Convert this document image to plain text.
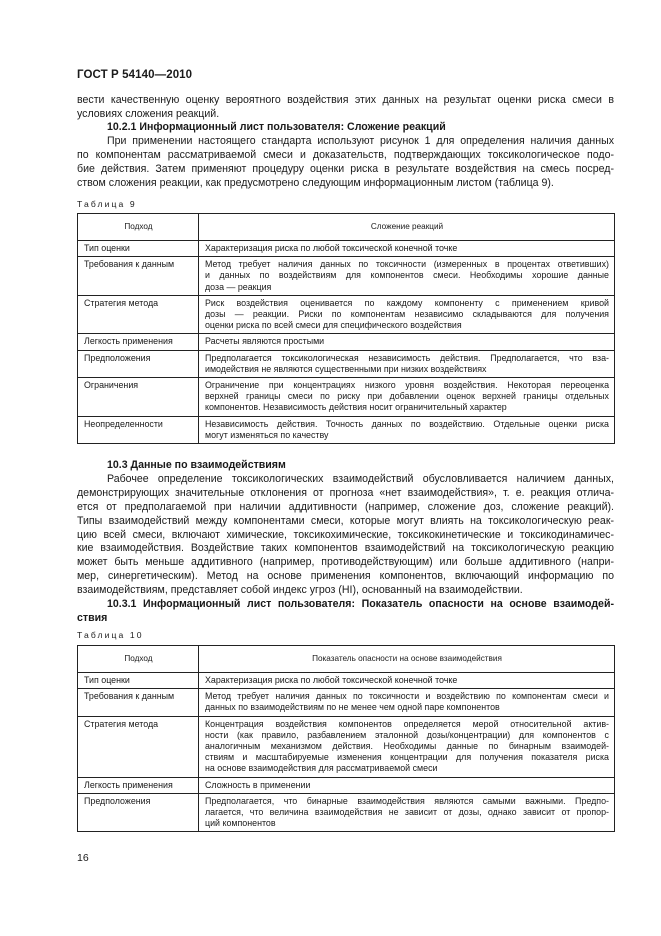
ГОСТ Р 54140—2010
вести качественную оценку вероятного воздействия этих данных на результат оценки риска смеси в
условиях сложения реакций.
10.2.1 Информационный лист пользователя: Сложение реакций
При применении настоящего стандарта используют рисунок 1 для определения наличия данных
по компонентам рассматриваемой смеси и доказательств, подтверждающих токсикологическое подо-
бие действия. Затем применяют процедуру оценки риска в результате воздействия на смесь посред-
ством сложения реакции, как предусмотрено следующим информационным листом (таблица 9).
Таблица 9
Подход	Сложение реакций
Тип оценки	Характеризация риска по любой токсической конечной точке

Требования к данным	Метод требует наличия данных по токсичности (измеренных в процентах ответивших)
и данных по воздействиям для компонентов смеси. Необходимы хорошие данные
доза — реакция

Стратегия метода	Риск воздействия оценивается по каждому компоненту с применением кривой
дозы — реакции. Риски по компонентам независимо складываются для получения
оценки риска по всей смеси для специфического воздействия

Легкость применения	Расчеты являются простыми

Предположения	Предполагается токсикологическая независимость действия. Предполагается, что вза-
имодействия не являются существенными при низких воздействиях

Ограничения	Ограничение при концентрациях низкого уровня воздействия. Некоторая переоценка
верхней границы смеси по риску при добавлении оценок верхней границы отдельных
компонентов. Независимость действия носит ограничительный характер

Неопределенности	Независимость действия. Точность данных по воздействию. Отдельные оценки риска
могут изменяться по качеству
10.3 Данные по взаимодействиям
Рабочее определение токсикологических взаимодействий обусловливается наличием данных,
демонстрирующих значительные отклонения от прогноза «нет взаимодействия», т. е. реакция отлича-
ется от предполагаемой при наличии аддитивности (например, сложение доз, сложение реакций).
Типы взаимодействий между компонентами смеси, которые могут влиять на токсикологическую реак-
цию всей смеси, включают химические, токсикохимические, токсикокинетические и токсикодинамичес-
кие взаимодействия. Воздействие таких компонентов взаимодействий на токсикологическую реакцию
может быть меньше аддитивного (например, противодействующим) или больше аддитивного (напри-
мер, синергетическим). Метод на основе применения компонентов, включающий информацию по
взаимодействиям, представляет собой индекс угроз (HI), основанный на взаимодействии.
10.3.1 Информационный лист пользователя: Показатель опасности на основе взаимодей-
ствия
Таблица 10
Подход	Показатель опасности на основе взаимодействия
Тип оценки	Характеризация риска по любой токсической конечной точке

Требования к данным	Метод требует наличия данных по токсичности и воздействию по компонентам смеси и
данных по взаимодействиям по не менее чем одной паре компонентов

Стратегия метода	Концентрация воздействия компонентов определяется мерой относительной актив-
ности (как правило, разбавлением эталонной дозы/концентрации) для компонентов с
аналогичным механизмом действия. Необходимы данные по бинарным взаимодей-
ствиям и масштабируемые изменения концентрации для получения показателя риска
на основе взаимодействия для рассматриваемой смеси

Легкость применения	Сложность в применении

Предположения	Предполагается, что бинарные взаимодействия являются самыми важными. Предпо-
лагается, что величина взаимодействия не зависит от дозы, однако зависит от пропор-
ций компонентов
16
